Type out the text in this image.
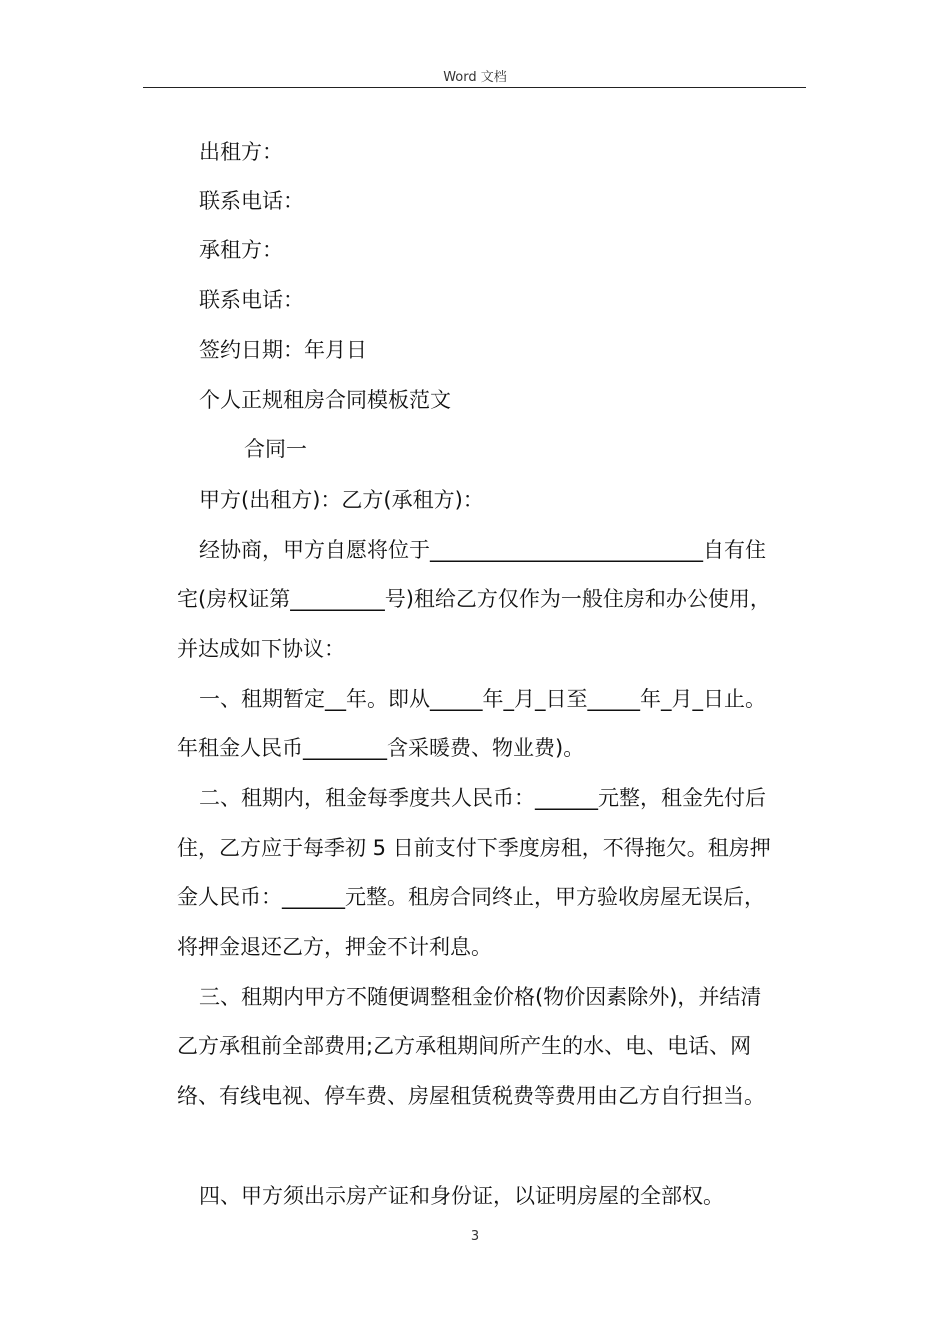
Word 文档
出租方：
联系电话：
承租方：
联系电话：
签约日期：年月日
个人正规租房合同模板范文
合同一
甲方(出租方)：乙方(承租方)：
经协商，甲方自愿将位于__________________________自有住
宅(房权证第_________号)租给乙方仅作为一般住房和办公使用，
并达成如下协议：
一、租期暂定__年。即从_____年_月_日至_____年_月_日止。
年租金人民币________含采暖费、物业费)。
二、租期内，租金每季度共人民币：______元整，租金先付后
住，乙方应于每季初 5 日前支付下季度房租，不得拖欠。租房押
金人民币：______元整。租房合同终止，甲方验收房屋无误后，
将押金退还乙方，押金不计利息。
三、租期内甲方不随便调整租金价格(物价因素除外)，并结清
乙方承租前全部费用;乙方承租期间所产生的水、电、电话、网
络、有线电视、停车费、房屋租赁税费等费用由乙方自行担当。
四、甲方须出示房产证和身份证，以证明房屋的全部权。
3
